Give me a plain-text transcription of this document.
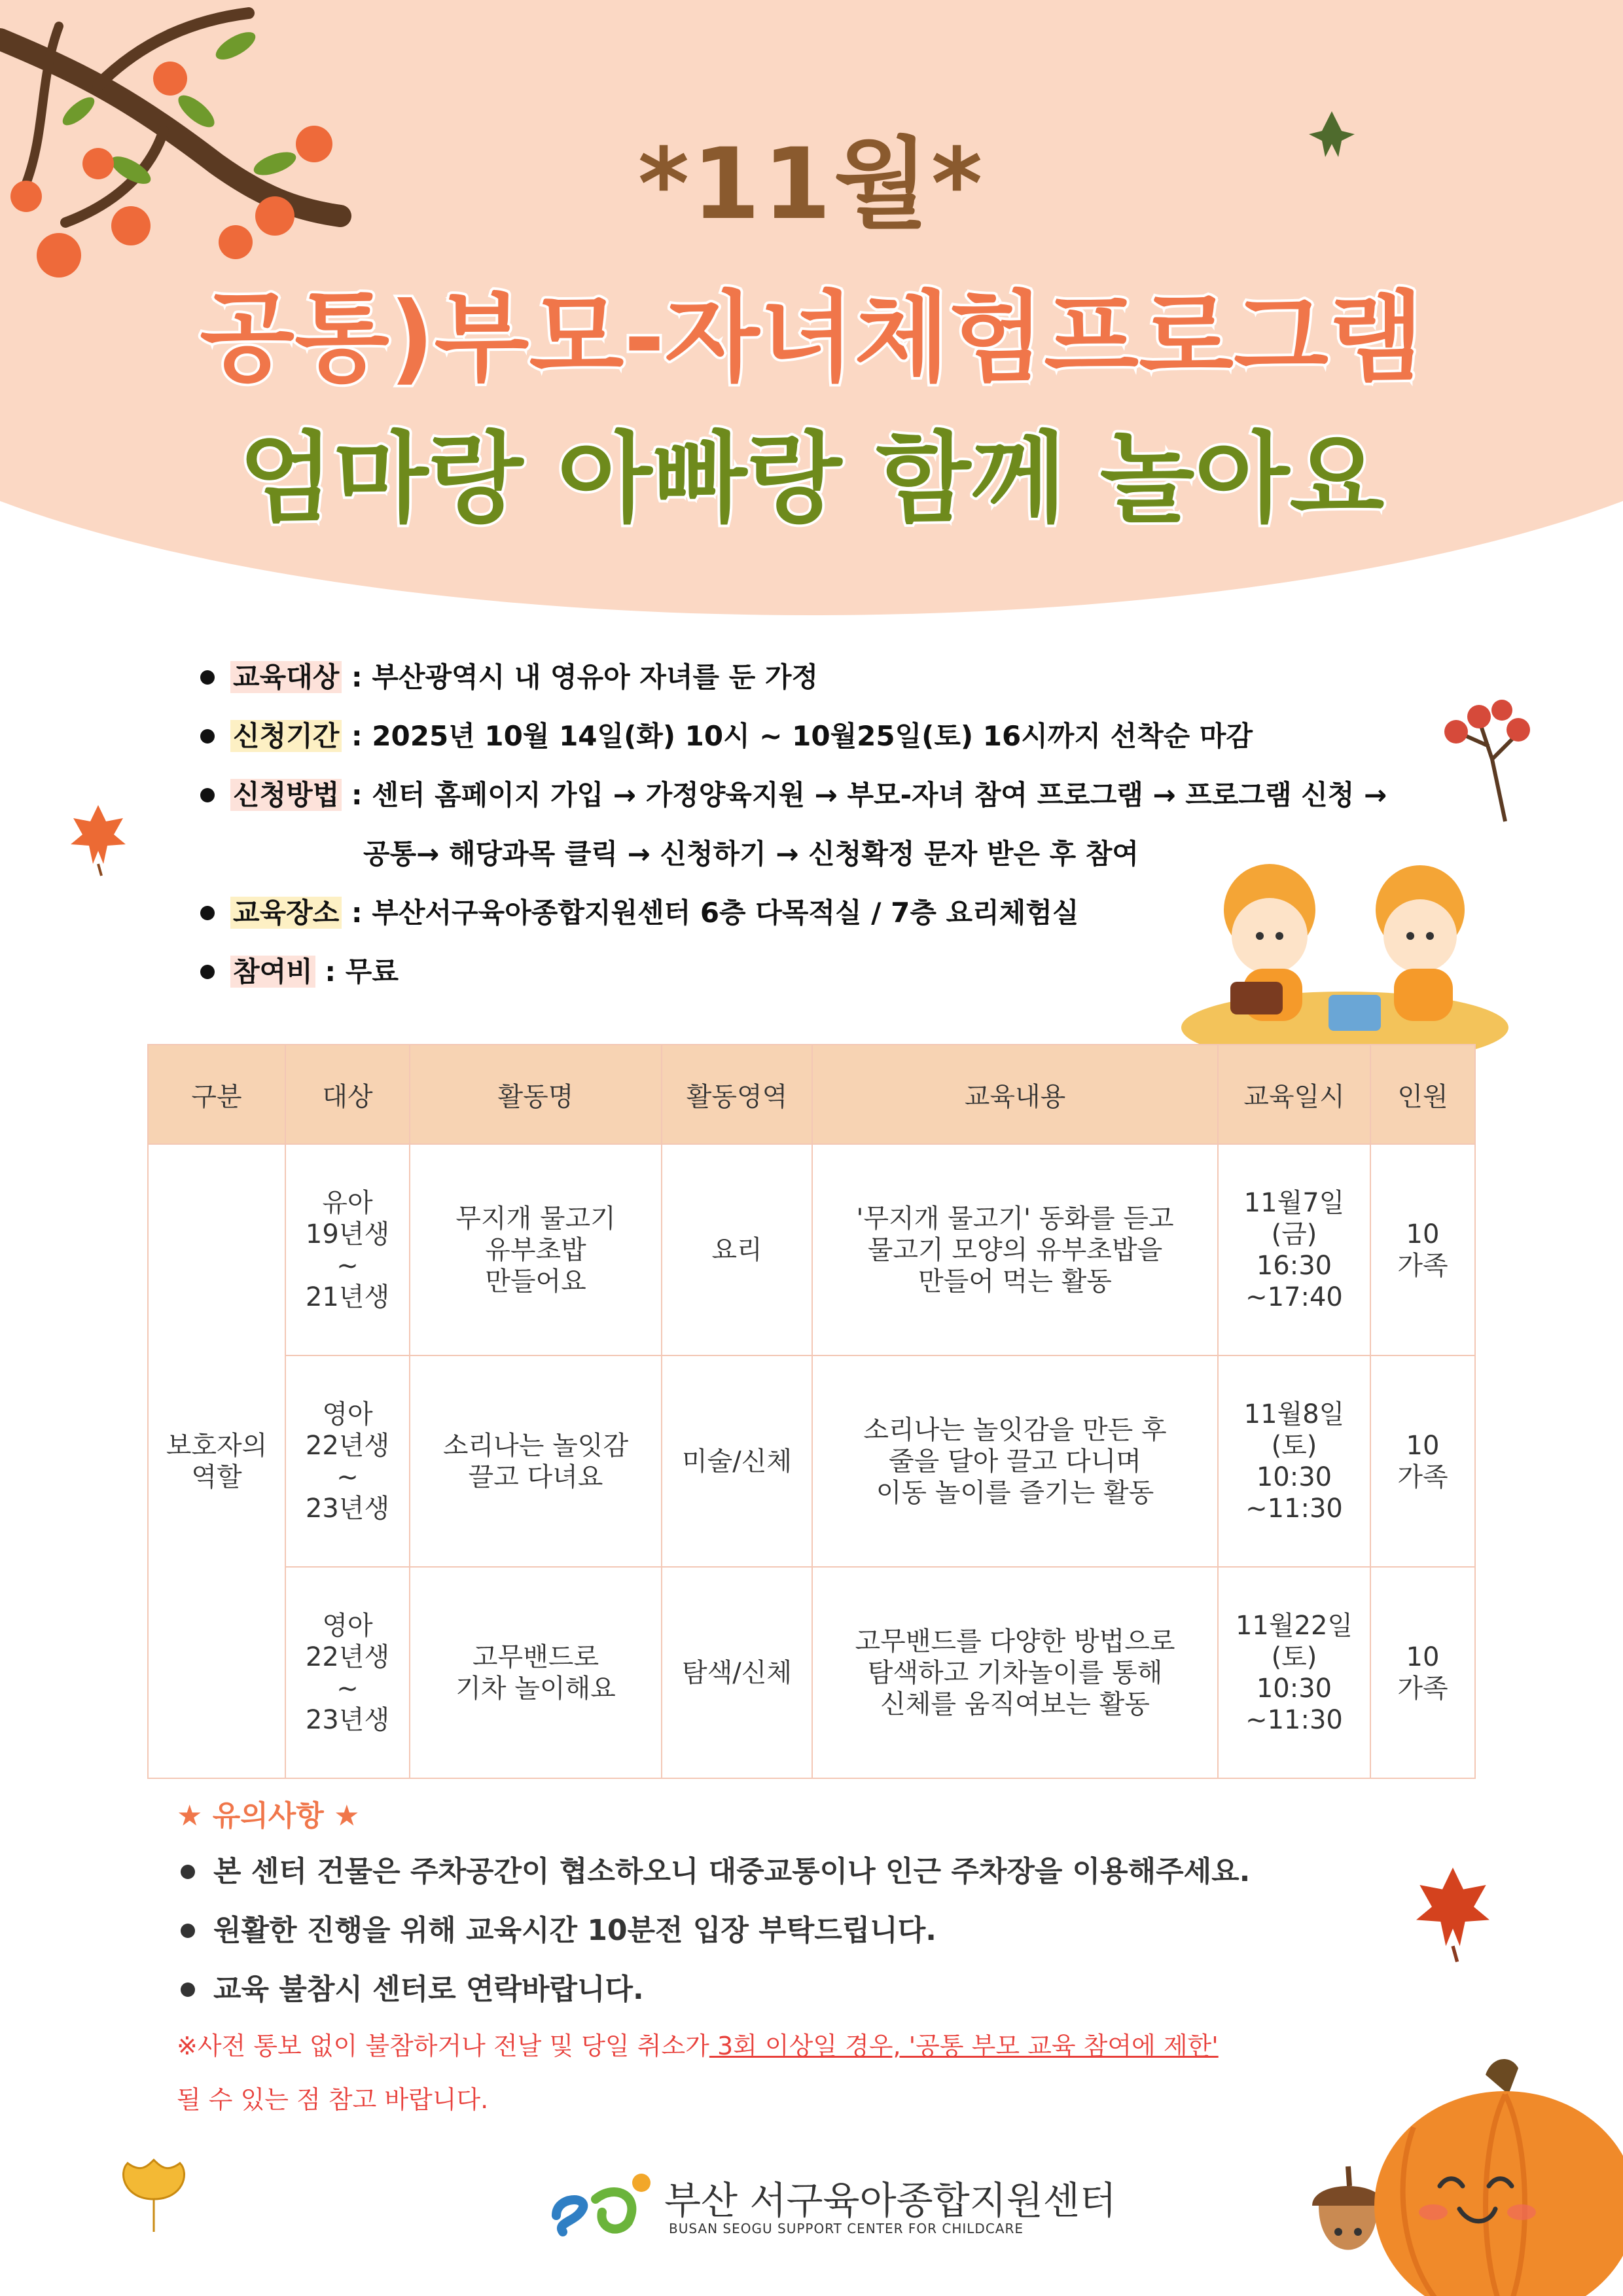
*11월*
공통)부모-자녀체험프로그램
엄마랑 아빠랑 함께 놀아요
교육대상 : 부산광역시 내 영유아 자녀를 둔 가정
신청기간 : 2025년 10월 14일(화) 10시 ~ 10월25일(토) 16시까지 선착순 마감
신청방법 : 센터 홈페이지 가입 → 가정양육지원 → 부모-자녀 참여 프로그램 → 프로그램 신청 →
공통→ 해당과목 클릭 → 신청하기 → 신청확정 문자 받은 후 참여
교육장소 : 부산서구육아종합지원센터 6층 다목적실 / 7층 요리체험실
참여비 : 무료
구분	대상	활동명	활동영역	교육내용	교육일시	인원
보호자의
역할	유아
19년생
~
21년생	무지개 물고기
유부초밥
만들어요	요리	'무지개 물고기' 동화를 듣고
물고기 모양의 유부초밥을
만들어 먹는 활동	11월7일
(금)
16:30
~17:40	10
가족
	영아
22년생
~
23년생	소리나는 놀잇감
끌고 다녀요	미술/신체	소리나는 놀잇감을 만든 후
줄을 달아 끌고 다니며
이동 놀이를 즐기는 활동	11월8일
(토)
10:30
~11:30	10
가족
	영아
22년생
~
23년생	고무밴드로
기차 놀이해요	탐색/신체	고무밴드를 다양한 방법으로
탐색하고 기차놀이를 통해
신체를 움직여보는 활동	11월22일
(토)
10:30
~11:30	10
가족
★ 유의사항 ★
본 센터 건물은 주차공간이 협소하오니 대중교통이나 인근 주차장을 이용해주세요.
원활한 진행을 위해 교육시간 10분전 입장 부탁드립니다.
교육 불참시 센터로 연락바랍니다.
※사전 통보 없이 불참하거나 전날 및 당일 취소가 3회 이상일 경우, '공통 부모 교육 참여에 제한'
될 수 있는 점 참고 바랍니다.
부산 서구육아종합지원센터
BUSAN SEOGU SUPPORT CENTER FOR CHILDCARE
